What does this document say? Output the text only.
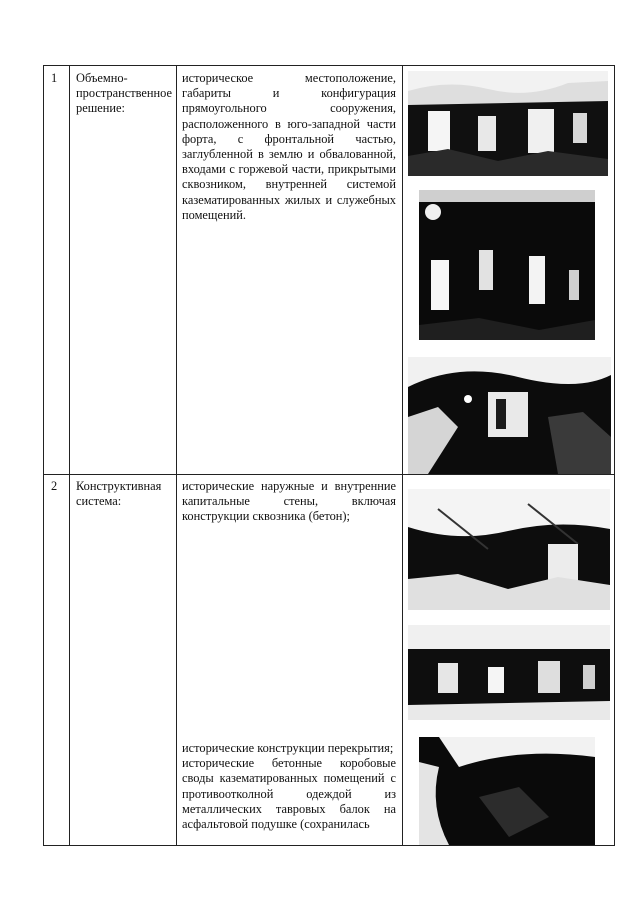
1 Объемно-пространственное решение:

историческое местоположение, габариты и конфигурация прямоугольного сооружения, расположенного в юго-западной части форта, с фронтальной частью, заглубленной в землю и обвалованной, входами с горжевой части, прикрытыми сквозником, внутренней системой казематированных жилых и служебных помещений.

2 Конструктивная система:

исторические наружные и внутренние капитальные стены, включая конструкции сквозника (бетон);

исторические конструкции перекрытия;

исторические бетонные коробовые своды казематированных помещений с противоотколной одеждой из металлических тавровых балок на асфальтовой подушке (сохранилась
